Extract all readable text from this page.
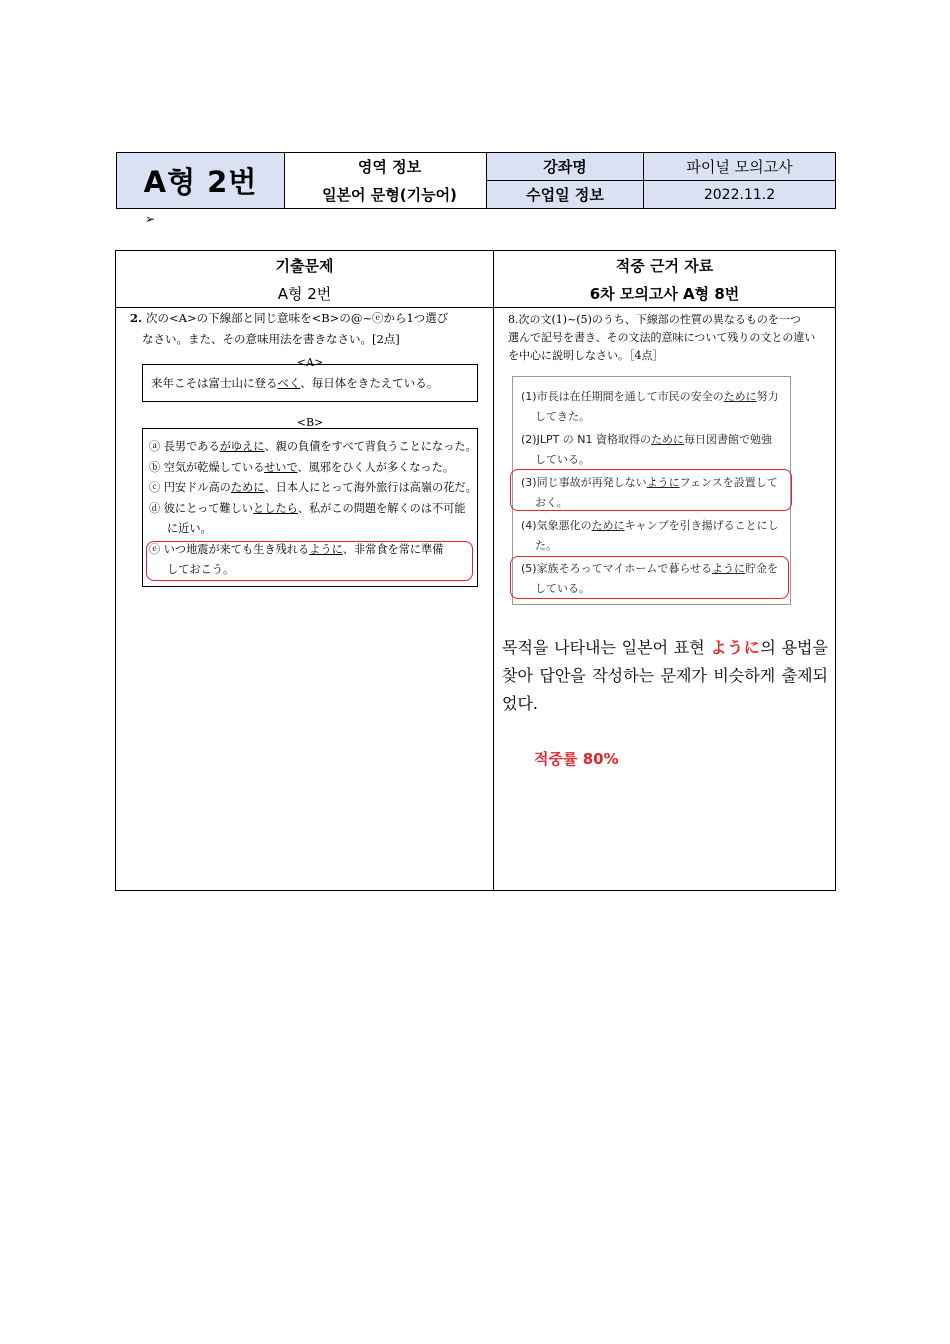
A형 2번	영역 정보
일본어 문형(기능어)
강좌명	파이널 모의고사
수업일 정보	2022.11.2
➢
기출문제
A형 2번
적중 근거 자료
6차 모의고사 A형 8번
2. 次の<A>の下線部と同じ意味を<B>の@~ⓔから1つ選び
なさい。また、その意味用法を書きなさい。[2点]
<A>
来年こそは富士山に登るべく、毎日体をきたえている。
<B>
ⓐ 長男であるがゆえに、親の負債をすべて背負うことになった。
ⓑ 空気が乾燥しているせいで、風邪をひく人が多くなった。
ⓒ 円安ドル高のために、日本人にとって海外旅行は高嶺の花だ。
ⓓ 彼にとって難しいとしたら、私がこの問題を解くのは不可能
に近い。
ⓔ いつ地震が来ても生き残れるように、非常食を常に準備
しておこう。
8.次の文(1)~(5)のうち、下線部の性質の異なるものを一つ
選んで記号を書き、その文法的意味について残りの文との違い
を中心に説明しなさい。［4点］
(1)市長は在任期間を通して市民の安全のために努力
してきた。
(2)JLPT の N1 資格取得のために毎日図書館で勉強
している。
(3)同じ事故が再発しないようにフェンスを設置して
おく。
(4)気象悪化のためにキャンプを引き揚げることにし
た。
(5)家族そろってマイホームで暮らせるように貯金を
している。
목적을 나타내는 일본어 표현 ように의 용법을 찾아 답안을 작성하는 문제가 비슷하게 출제되었다.
적중률 80%
